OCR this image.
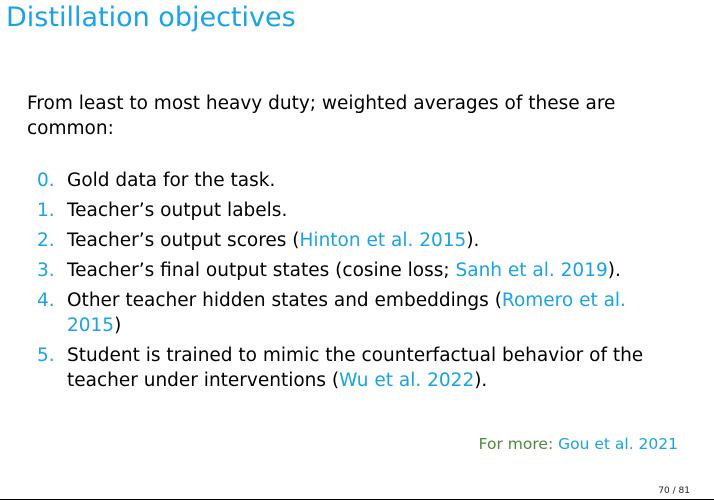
Distillation objectives
From least to most heavy duty; weighted averages of these are common:
0. Gold data for the task.
1. Teacher’s output labels.
2. Teacher’s output scores (Hinton et al. 2015).
3. Teacher’s final output states (cosine loss; Sanh et al. 2019).
4. Other teacher hidden states and embeddings (Romero et al. 2015)
5. Student is trained to mimic the counterfactual behavior of the teacher under interventions (Wu et al. 2022).
For more: Gou et al. 2021
70 / 81
